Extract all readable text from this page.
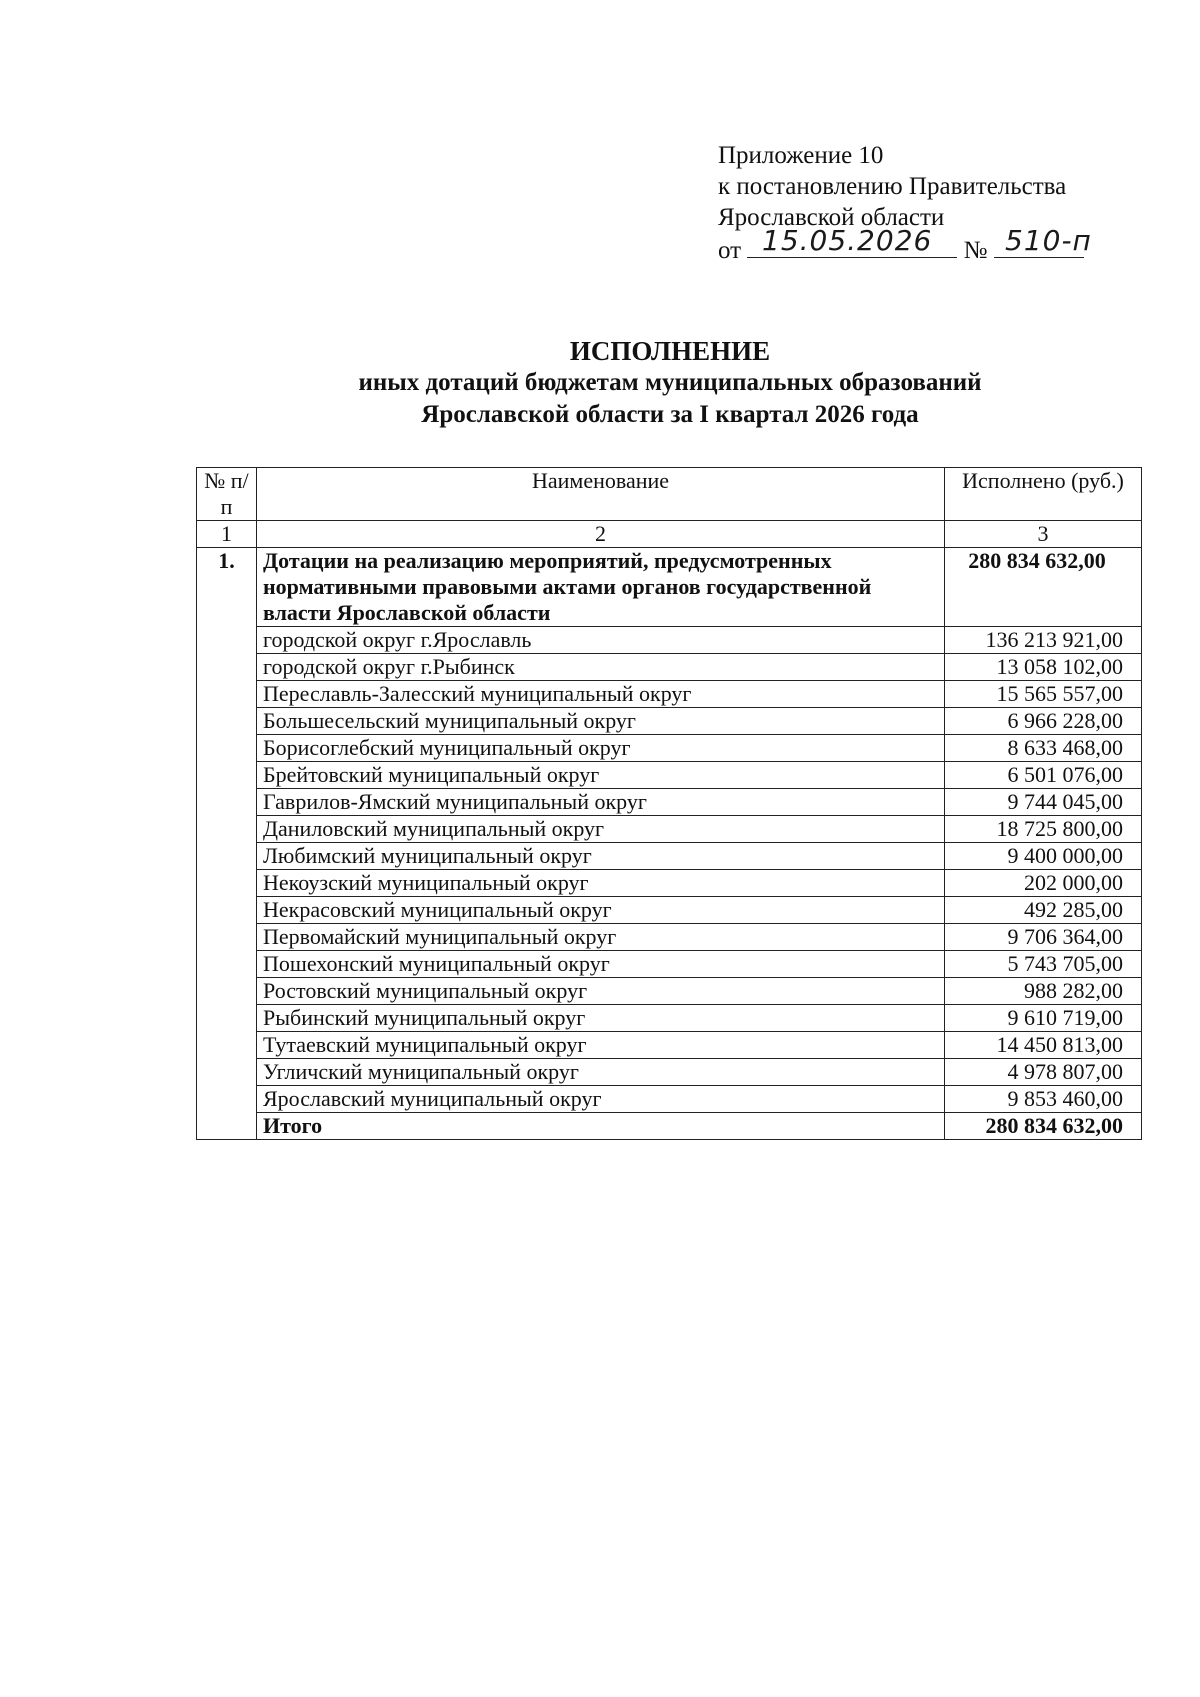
Приложение 10
к постановлению Правительства
Ярославской области
от	№
15.05.2026	510-п
ИСПОЛНЕНИЕ
иных дотаций бюджетам муниципальных образований
Ярославской области за I квартал 2026 года
№ п/п	Наименование	Исполнено (руб.)
1	2	3
1.	Дотации на реализацию мероприятий, предусмотренных нормативными правовыми актами органов государственной власти Ярославской области	280 834 632,00
	городской округ г.Ярославль	136 213 921,00
	городской округ г.Рыбинск	13 058 102,00
	Переславль-Залесский муниципальный округ	15 565 557,00
	Большесельский муниципальный округ	6 966 228,00
	Борисоглебский муниципальный округ	8 633 468,00
	Брейтовский муниципальный округ	6 501 076,00
	Гаврилов-Ямский муниципальный округ	9 744 045,00
	Даниловский муниципальный округ	18 725 800,00
	Любимский муниципальный округ	9 400 000,00
	Некоузский муниципальный округ	202 000,00
	Некрасовский муниципальный округ	492 285,00
	Первомайский муниципальный округ	9 706 364,00
	Пошехонский муниципальный округ	5 743 705,00
	Ростовский муниципальный округ	988 282,00
	Рыбинский муниципальный округ	9 610 719,00
	Тутаевский муниципальный округ	14 450 813,00
	Угличский муниципальный округ	4 978 807,00
	Ярославский муниципальный округ	9 853 460,00
	Итого	280 834 632,00
